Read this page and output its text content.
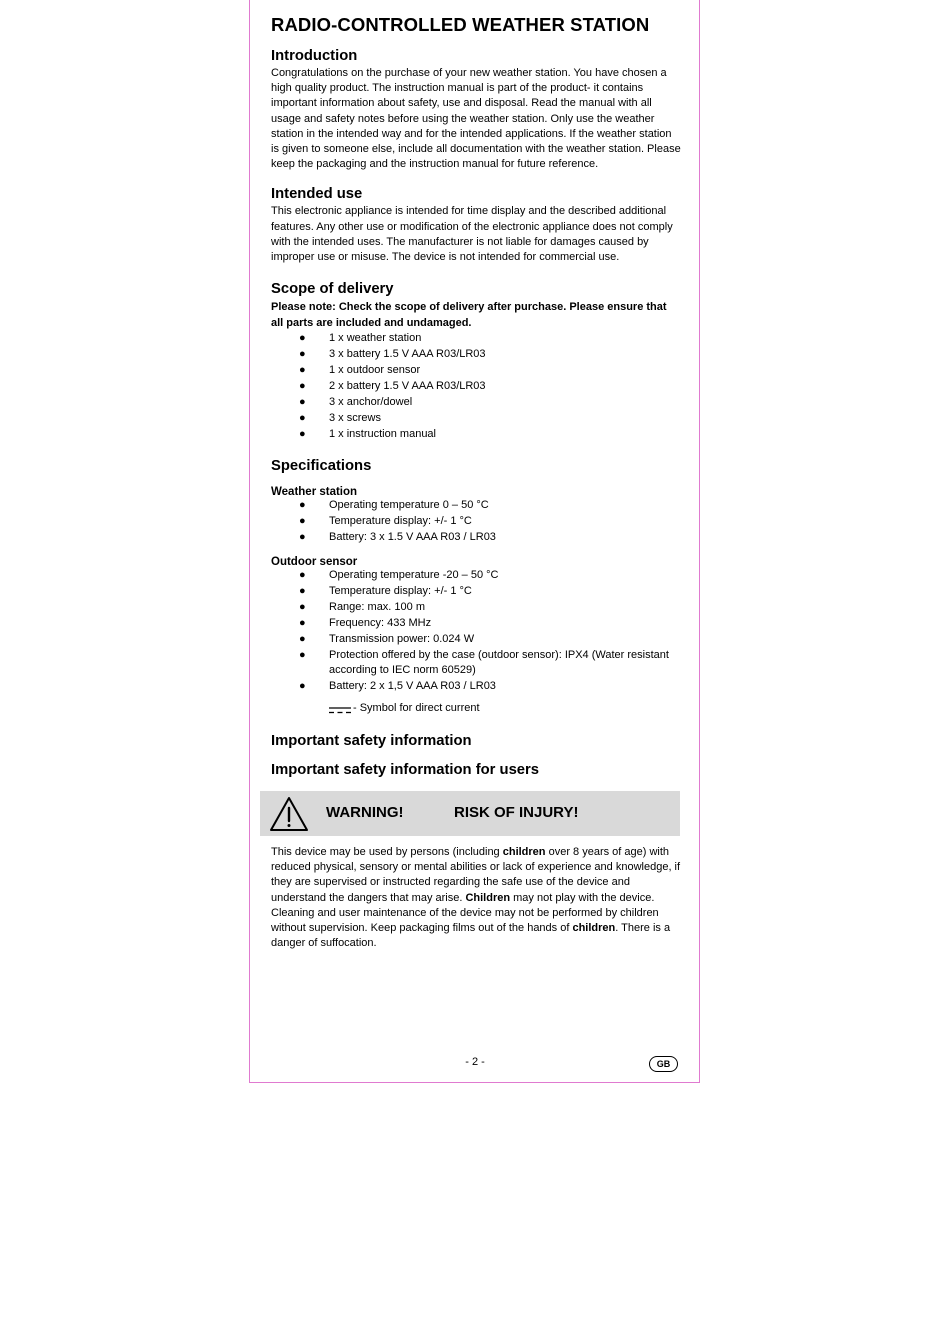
RADIO-CONTROLLED WEATHER STATION
Introduction

Congratulations on the purchase of your new weather station. You have chosen a high quality product. The instruction manual is part of the product- it contains important information about safety, use and disposal. Read the manual with all usage and safety notes before using the weather station. Only use the weather station in the intended way and for the intended applications. If the weather station is given to someone else, include all documentation with the weather station. Please keep the packaging and the instruction manual for future reference.

Intended use

This electronic appliance is intended for time display and the described additional features. Any other use or modification of the electronic appliance does not comply with the intended uses. The manufacturer is not liable for damages caused by improper use or misuse. The device is not intended for commercial use.

Scope of delivery

Please note: Check the scope of delivery after purchase. Please ensure that all parts are included and undamaged.

● 1 x weather station
● 3 x battery 1.5 V AAA R03/LR03
● 1 x outdoor sensor
● 2 x battery 1.5 V AAA R03/LR03
● 3 x anchor/dowel
● 3 x screws
● 1 x instruction manual
Specifications
Weather station
● Operating temperature 0 – 50 °C
● Temperature display: +/- 1 °C
● Battery: 3 x 1.5 V AAA R03 / LR03
Outdoor sensor
● Operating temperature -20 – 50 °C
● Temperature display: +/- 1 °C
● Range: max. 100 m
● Frequency: 433 MHz
● Transmission power: 0.024 W
● Protection offered by the case (outdoor sensor): IPX4 (Water resistant according to IEC norm 60529)
● Battery: 2 x 1,5 V AAA R03 / LR03
- Symbol for direct current
Important safety information
Important safety information for users
WARNING!	RISK OF INJURY!

This device may be used by persons (including children over 8 years of age) with reduced physical, sensory or mental abilities or lack of experience and knowledge, if they are supervised or instructed regarding the safe use of the device and understand the dangers that may arise. Children may not play with the device. Cleaning and user maintenance of the device may not be performed by children without supervision. Keep packaging films out of the hands of children. There is a danger of suffocation.

- 2 -	GB
